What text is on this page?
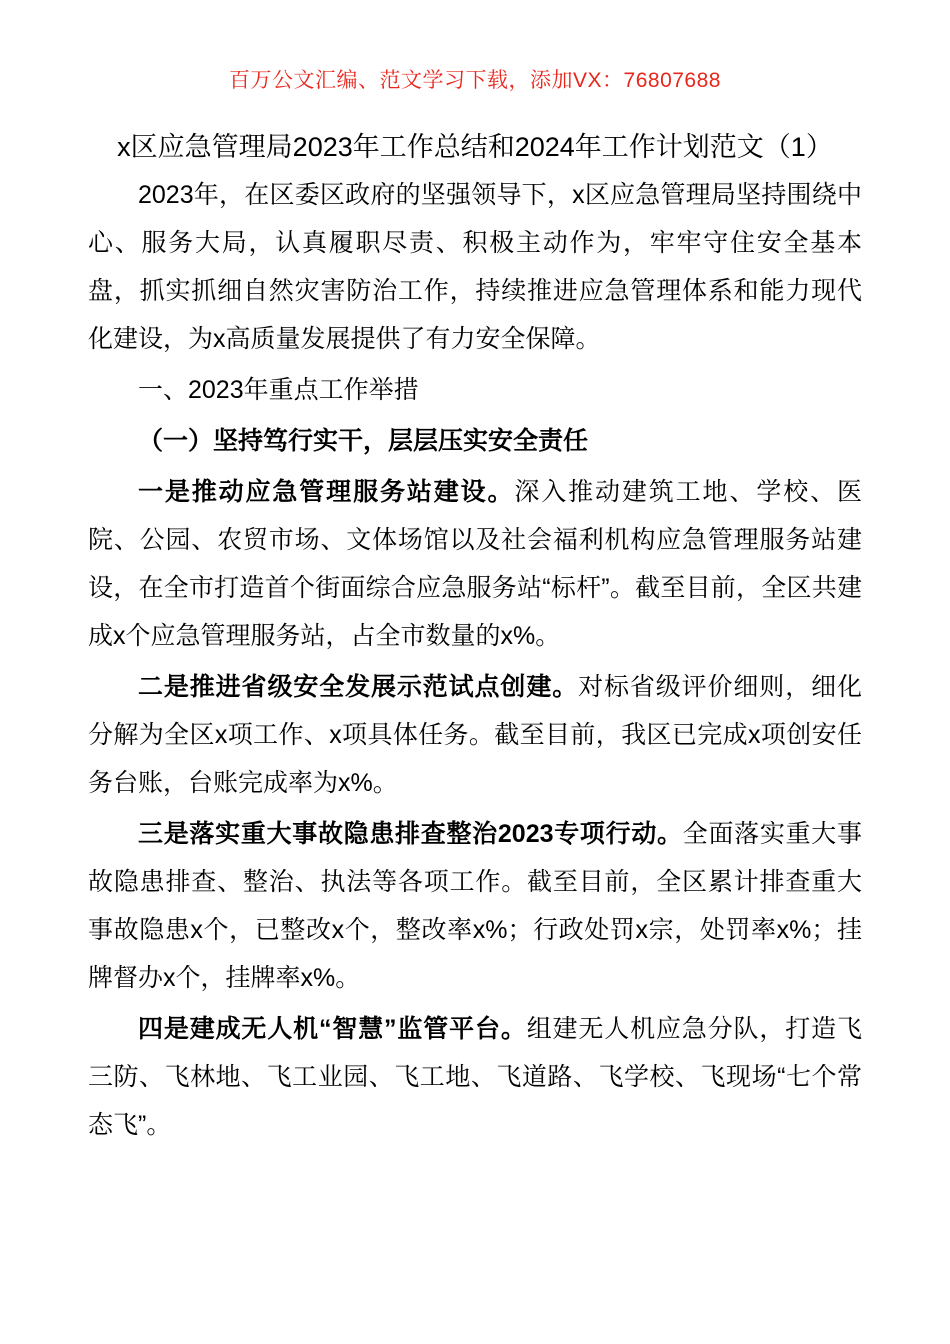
百万公文汇编、范文学习下载，添加VX：76807688
x区应急管理局2023年工作总结和2024年工作计划范文（1）

2023年，在区委区政府的坚强领导下，x区应急管理局坚持围绕中心、服务大局，认真履职尽责、积极主动作为，牢牢守住安全基本盘，抓实抓细自然灾害防治工作，持续推进应急管理体系和能力现代化建设，为x高质量发展提供了有力安全保障。

一、2023年重点工作举措

（一）坚持笃行实干，层层压实安全责任

一是推动应急管理服务站建设。深入推动建筑工地、学校、医院、公园、农贸市场、文体场馆以及社会福利机构应急管理服务站建设，在全市打造首个街面综合应急服务站“标杆”。截至目前，全区共建成x个应急管理服务站，占全市数量的x%。

二是推进省级安全发展示范试点创建。对标省级评价细则，细化分解为全区x项工作、x项具体任务。截至目前，我区已完成x项创安任务台账，台账完成率为x%。

三是落实重大事故隐患排查整治2023专项行动。全面落实重大事故隐患排查、整治、执法等各项工作。截至目前，全区累计排查重大事故隐患x个，已整改x个，整改率x%；行政处罚x宗，处罚率x%；挂牌督办x个，挂牌率x%。

四是建成无人机“智慧”监管平台。组建无人机应急分队，打造飞三防、飞林地、飞工业园、飞工地、飞道路、飞学校、飞现场“七个常态飞”。
